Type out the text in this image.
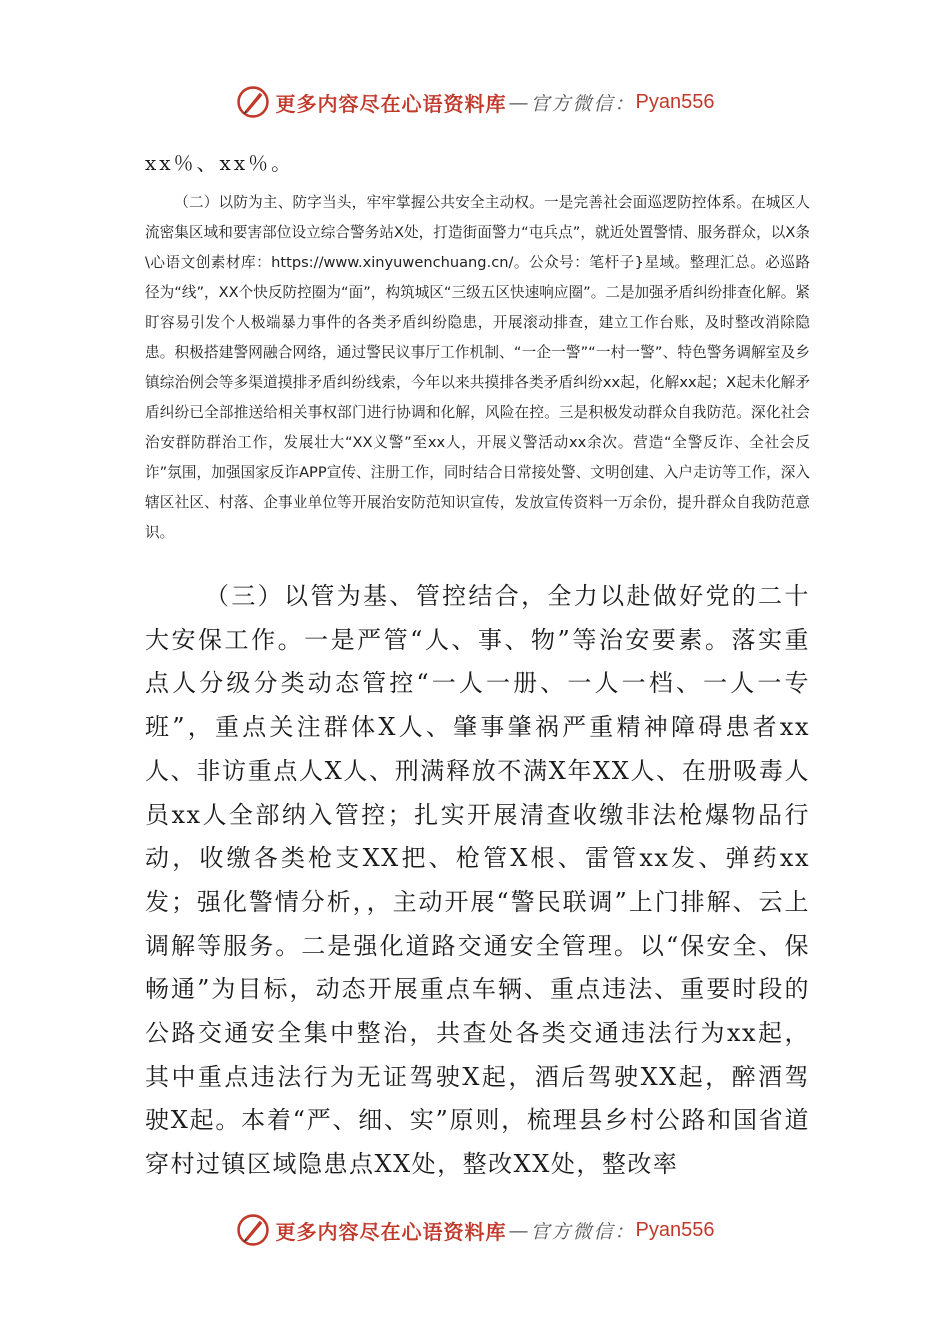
更多内容尽在心语资料库 — 官方微信： Pyan556
xx％、xx％。

（二）以防为主、防字当头，牢牢掌握公共安全主动权。一是完善社会面巡逻防控体系。在城区人流密集区域和要害部位设立综合警务站X处，打造街面警力“屯兵点”，就近处置警情、服务群众，以X条\心语文创素材库：https://www.xinyuwenchuang.cn/。公众号：笔杆子}星域。整理汇总。必巡路径为“线”，XX个快反防控圈为“面”，构筑城区“三级五区快速响应圈”。二是加强矛盾纠纷排查化解。紧盯容易引发个人极端暴力事件的各类矛盾纠纷隐患，开展滚动排查，建立工作台账，及时整改消除隐患。积极搭建警网融合网络，通过警民议事厅工作机制、“一企一警”“一村一警”、特色警务调解室及乡镇综治例会等多渠道摸排矛盾纠纷线索，今年以来共摸排各类矛盾纠纷xx起，化解xx起；X起未化解矛盾纠纷已全部推送给相关事权部门进行协调和化解，风险在控。三是积极发动群众自我防范。深化社会治安群防群治工作，发展壮大“XX义警”至xx人，开展义警活动xx余次。营造“全警反诈、全社会反诈”氛围，加强国家反诈APP宣传、注册工作，同时结合日常接处警、文明创建、入户走访等工作，深入辖区社区、村落、企事业单位等开展治安防范知识宣传，发放宣传资料一万余份，提升群众自我防范意识。

（三）以管为基、管控结合，全力以赴做好党的二十大安保工作。一是严管“人、事、物”等治安要素。落实重点人分级分类动态管控“一人一册、一人一档、一人一专班”，重点关注群体X人、肇事肇祸严重精神障碍患者xx人、非访重点人X人、刑满释放不满X年XX人、在册吸毒人员xx人全部纳入管控；扎实开展清查收缴非法枪爆物品行动，收缴各类枪支XX把、枪管X根、雷管xx发、弹药xx发；强化警情分析，，主动开展“警民联调”上门排解、云上调解等服务。二是强化道路交通安全管理。以“保安全、保畅通”为目标，动态开展重点车辆、重点违法、重要时段的公路交通安全集中整治，共查处各类交通违法行为xx起，其中重点违法行为无证驾驶X起，酒后驾驶XX起，醉酒驾驶X起。本着“严、细、实”原则，梳理县乡村公路和国省道穿村过镇区域隐患点XX处，整改XX处，整改率

更多内容尽在心语资料库 — 官方微信： Pyan556
